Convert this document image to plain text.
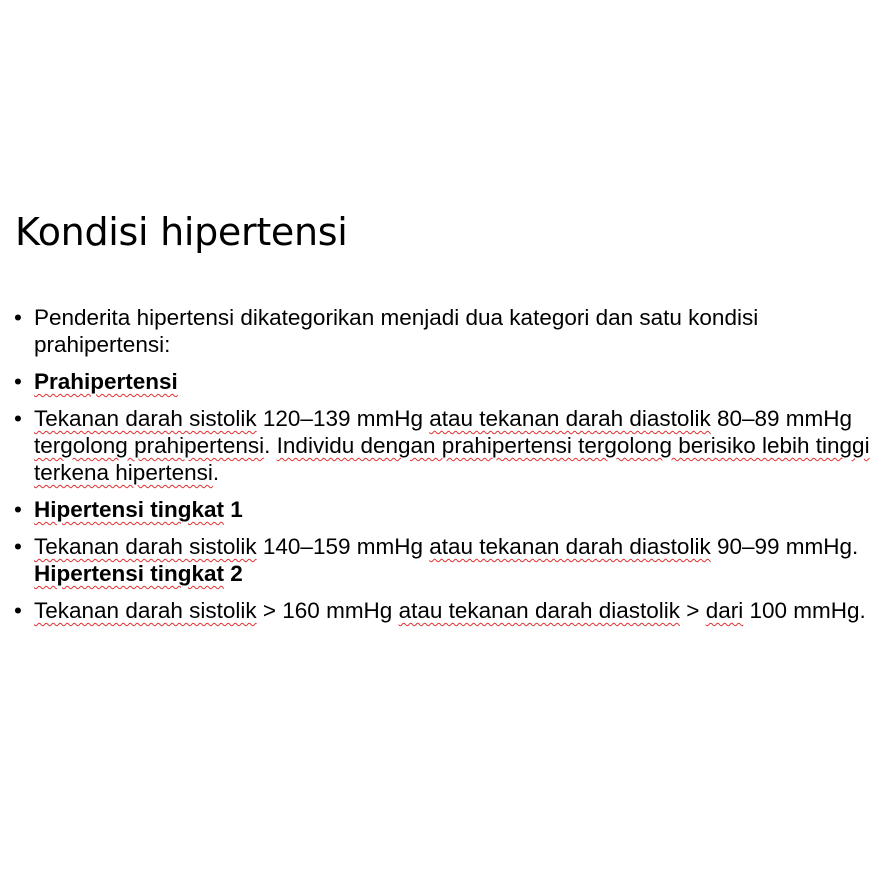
Kondisi hipertensi
• Penderita hipertensi dikategorikan menjadi dua kategori dan satu kondisi prahipertensi:
• Prahipertensi
• Tekanan darah sistolik 120–139 mmHg atau tekanan darah diastolik 80–89 mmHg tergolong prahipertensi. Individu dengan prahipertensi tergolong berisiko lebih tinggi terkena hipertensi.
• Hipertensi tingkat 1
• Tekanan darah sistolik 140–159 mmHg atau tekanan darah diastolik 90–99 mmHg. Hipertensi tingkat 2
• Tekanan darah sistolik > 160 mmHg atau tekanan darah diastolik > dari 100 mmHg.
